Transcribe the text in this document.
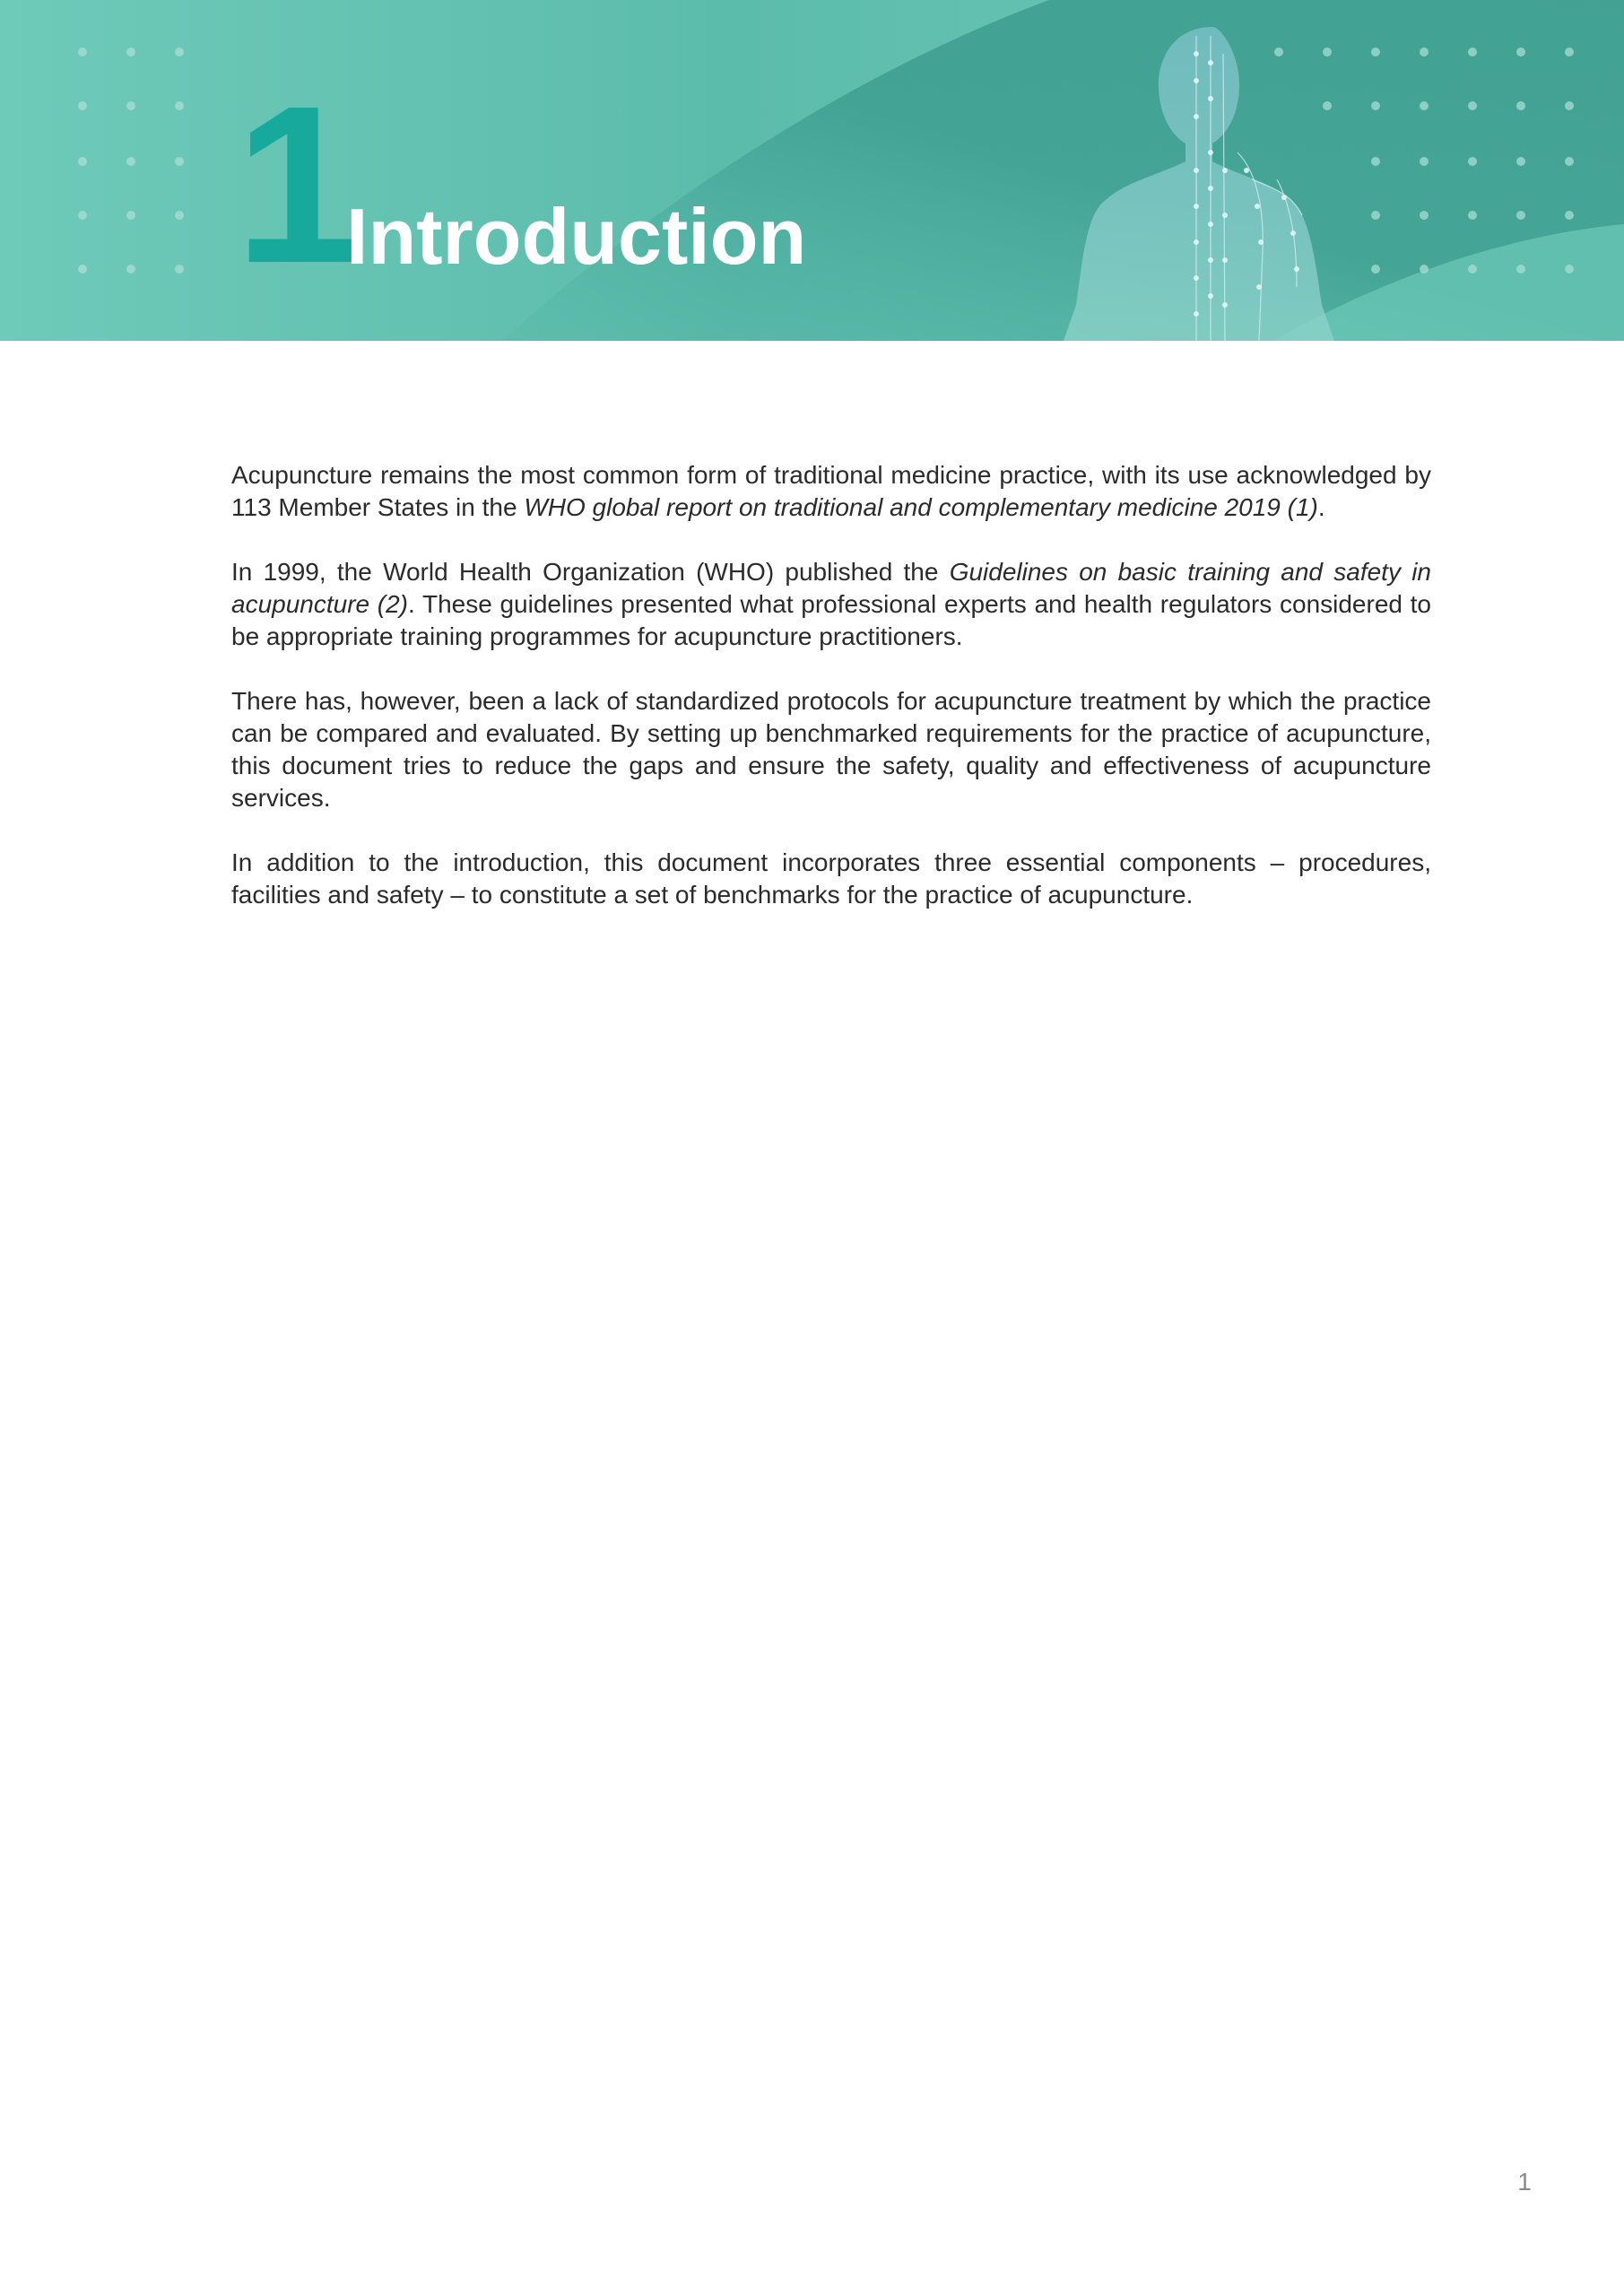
1
Introduction

Acupuncture remains the most common form of traditional medicine practice, with its use acknowledged by 113 Member States in the WHO global report on traditional and complementary medicine 2019 (1).

In 1999, the World Health Organization (WHO) published the Guidelines on basic training and safety in acupuncture (2). These guidelines presented what professional experts and health regulators considered to be appropriate training programmes for acupuncture practitioners.

There has, however, been a lack of standardized protocols for acupuncture treatment by which the practice can be compared and evaluated. By setting up benchmarked requirements for the practice of acupuncture, this document tries to reduce the gaps and ensure the safety, quality and effectiveness of acupuncture services.

In addition to the introduction, this document incorporates three essential components – procedures, facilities and safety – to constitute a set of benchmarks for the practice of acupuncture.

1
